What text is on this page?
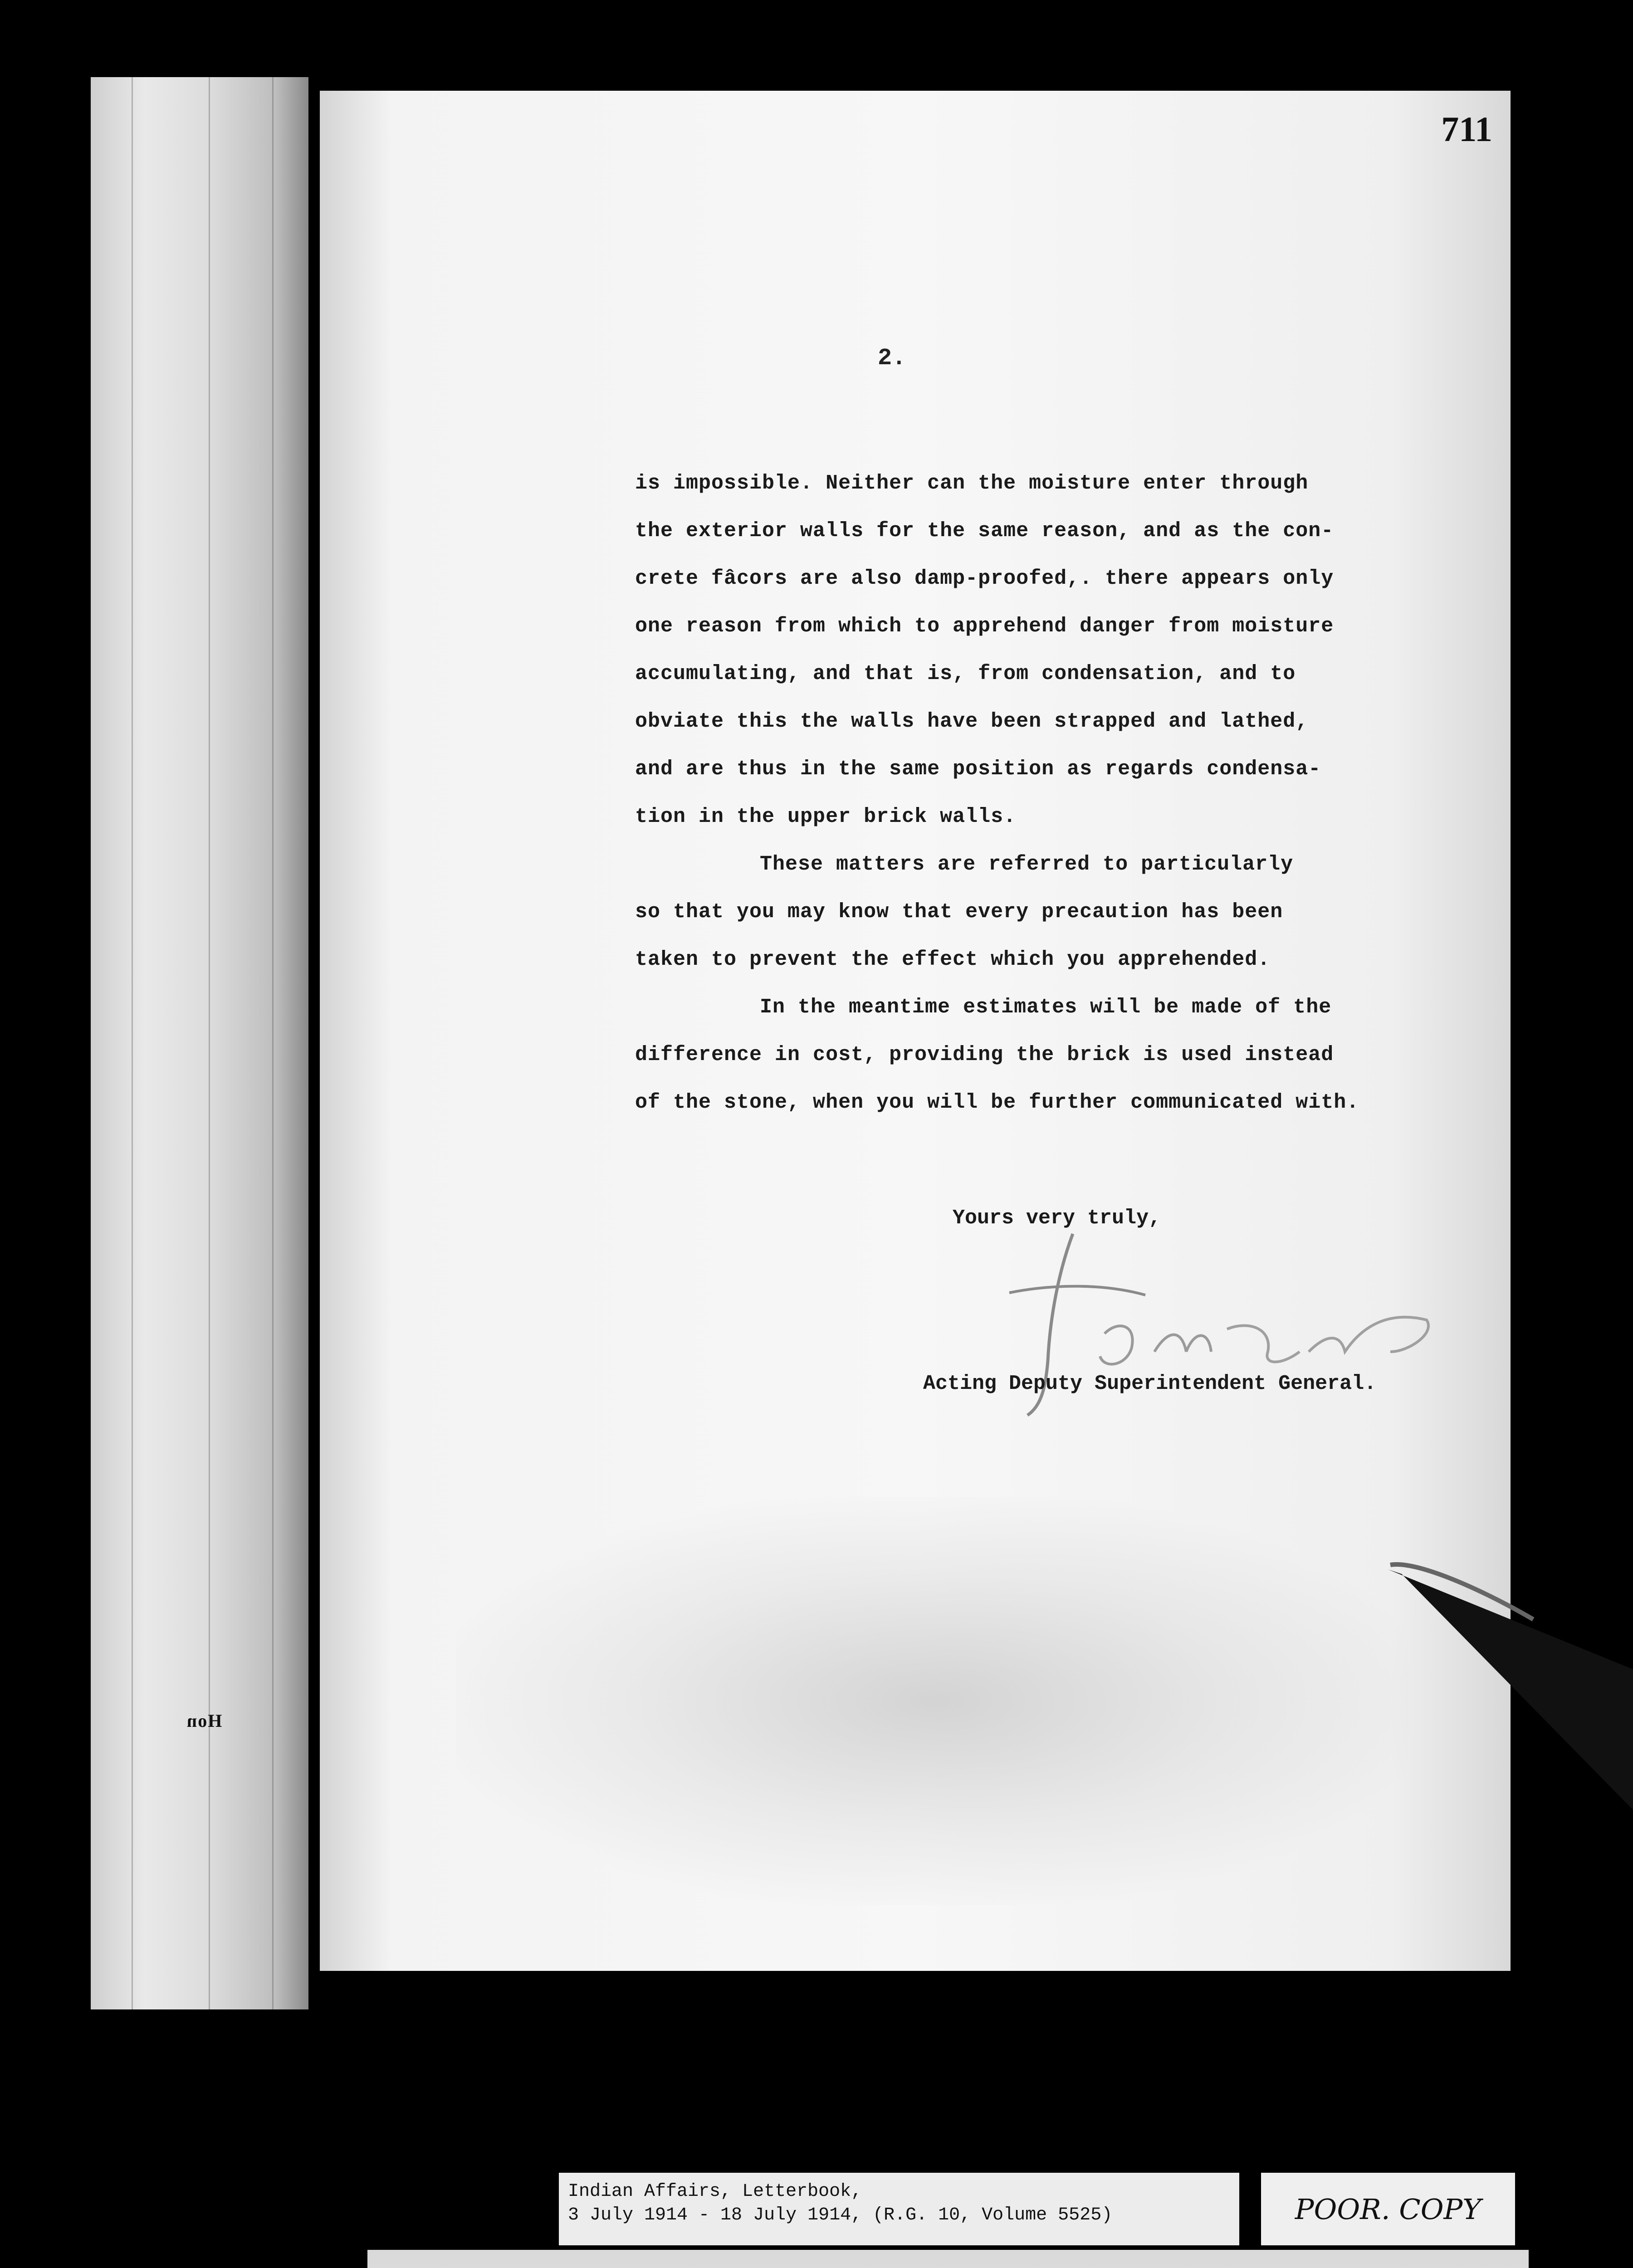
Hon
711
2.
is impossible. Neither can the moisture enter through
the exterior walls for the same reason, and as the con-
crete fâcors are also damp-proofed,. there appears only
one reason from which to apprehend danger from moisture
accumulating, and that is, from condensation, and to
obviate this the walls have been strapped and lathed,
and are thus in the same position as regards condensa-
tion in the upper brick walls.
These matters are referred to particularly
so that you may know that every precaution has been
taken to prevent the effect which you apprehended.
In the meantime estimates will be made of the
difference in cost, providing the brick is used instead
of the stone, when you will be further communicated with.
Yours very truly,
Acting Deputy Superintendent General.
Indian Affairs, Letterbook,
3 July 1914 - 18 July 1914, (R.G. 10, Volume 5525)	POOR. COPY
